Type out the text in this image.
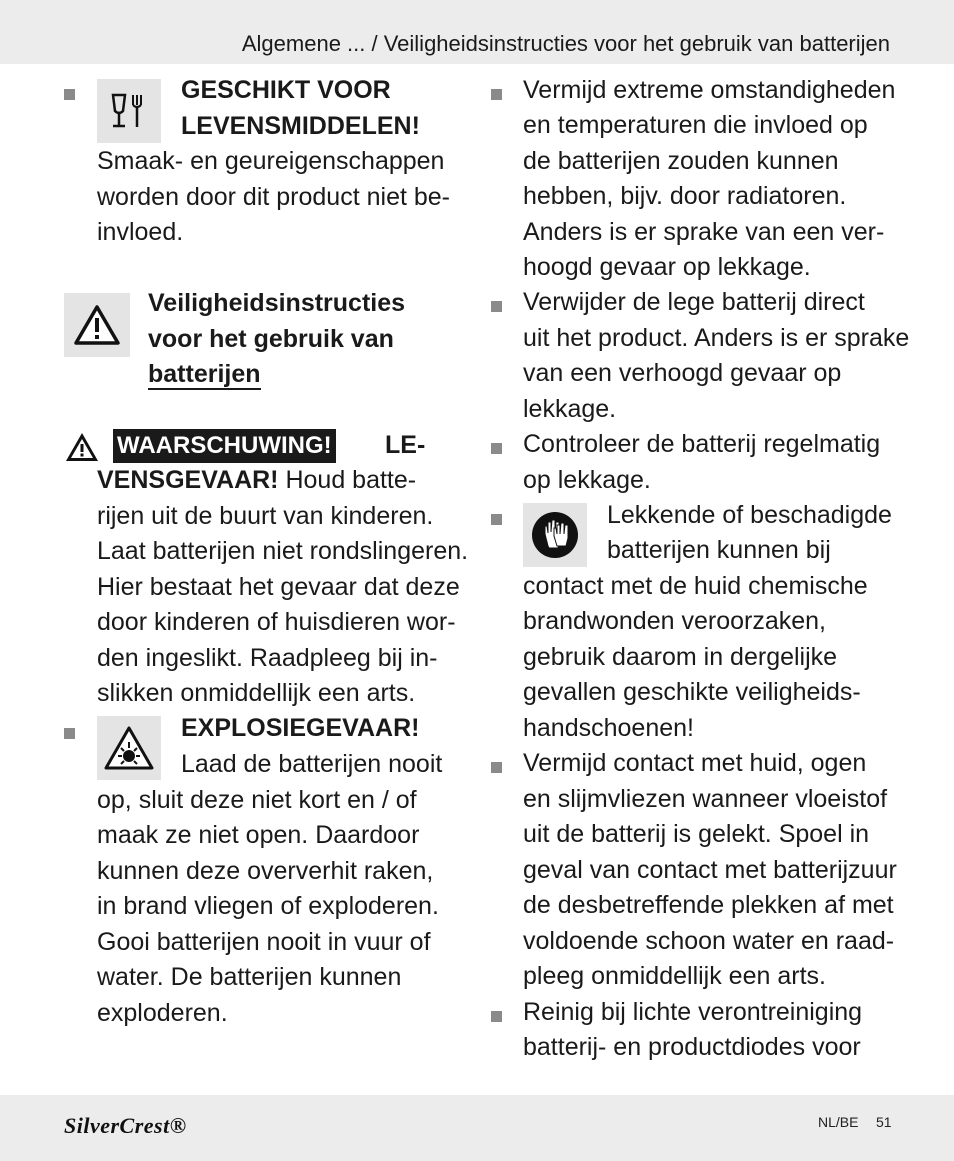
Algemene ... / Veiligheidsinstructies voor het gebruik van batterijen
GESCHIKT VOOR
LEVENSMIDDELEN!
Smaak- en geureigenschappen
worden door dit product niet be-
invloed.
Veiligheidsinstructies
voor het gebruik van
batterijen
WAARSCHUWING! LE-
VENSGEVAAR! Houd batte-
rijen uit de buurt van kinderen.
Laat batterijen niet rondslingeren.
Hier bestaat het gevaar dat deze
door kinderen of huisdieren wor-
den ingeslikt. Raadpleeg bij in-
slikken onmiddellijk een arts.
EXPLOSIEGEVAAR!
Laad de batterijen nooit
op, sluit deze niet kort en / of
maak ze niet open. Daardoor
kunnen deze oververhit raken,
in brand vliegen of exploderen.
Gooi batterijen nooit in vuur of
water. De batterijen kunnen
exploderen.
Vermijd extreme omstandigheden
en temperaturen die invloed op
de batterijen zouden kunnen
hebben, bijv. door radiatoren.
Anders is er sprake van een ver-
hoogd gevaar op lekkage.
Verwijder de lege batterij direct
uit het product. Anders is er sprake
van een verhoogd gevaar op
lekkage.
Controleer de batterij regelmatig
op lekkage.
Lekkende of beschadigde
batterijen kunnen bij
contact met de huid chemische
brandwonden veroorzaken,
gebruik daarom in dergelijke
gevallen geschikte veiligheids-
handschoenen!
Vermijd contact met huid, ogen
en slijmvliezen wanneer vloeistof
uit de batterij is gelekt. Spoel in
geval van contact met batterijzuur
de desbetreffende plekken af met
voldoende schoon water en raad-
pleeg onmiddellijk een arts.
Reinig bij lichte verontreiniging
batterij- en productdiodes voor
SilverCrest®	NL/BE 51
